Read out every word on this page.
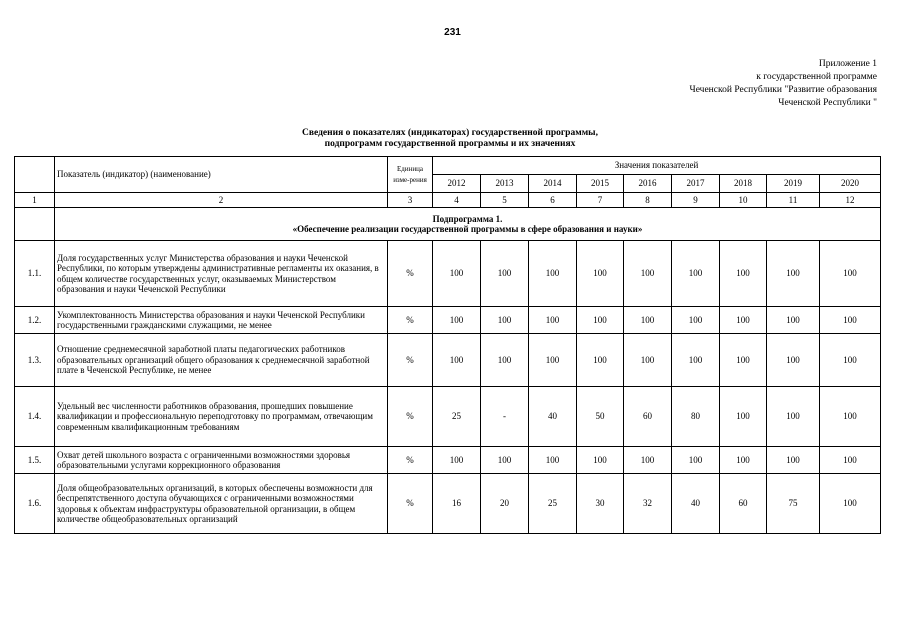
231
Приложение 1
к государственной программе
Чеченской Республики "Развитие образования
Чеченской Республики "
Сведения о показателях (индикаторах) государственной программы,
подпрограмм государственной программы и их значениях
	Показатель (индикатор) (наименование)	Единица изме-рения	Значения показателей								
			2012	2013	2014	2015	2016	2017	2018	2019	2020
1	2	3	4	5	6	7	8	9	10	11	12

	Подпрограмма 1.
«Обеспечение реализации государственной программы в сфере образования и науки»										

1.1.	Доля государственных услуг Министерства образования и науки Чеченской Республики, по которым утверждены административные регламенты их оказания, в общем количестве государственных услуг, оказываемых Министерством образования и науки Чеченской Республики	%	100	100	100	100	100	100	100	100	100
1.2.	Укомплектованность Министерства образования и науки Чеченской Республики государственными гражданскими служащими, не менее	%	100	100	100	100	100	100	100	100	100
1.3.	Отношение среднемесячной заработной платы педагогических работников образовательных организаций общего образования к среднемесячной заработной плате в Чеченской Республике, не менее	%	100	100	100	100	100	100	100	100	100
1.4.	Удельный вес численности работников образования, прошедших повышение квалификации и профессиональную переподготовку по программам, отвечающим современным квалификационным требованиям	%	25	-	40	50	60	80	100	100	100
1.5.	Охват детей школьного возраста с ограниченными возможностями здоровья образовательными услугами коррекционного образования	%	100	100	100	100	100	100	100	100	100
1.6.	Доля общеобразовательных организаций, в которых обеспечены возможности для беспрепятственного доступа обучающихся с ограниченными возможностями здоровья к объектам инфраструктуры образовательной организации, в общем количестве общеобразовательных организаций	%	16	20	25	30	32	40	60	75	100
